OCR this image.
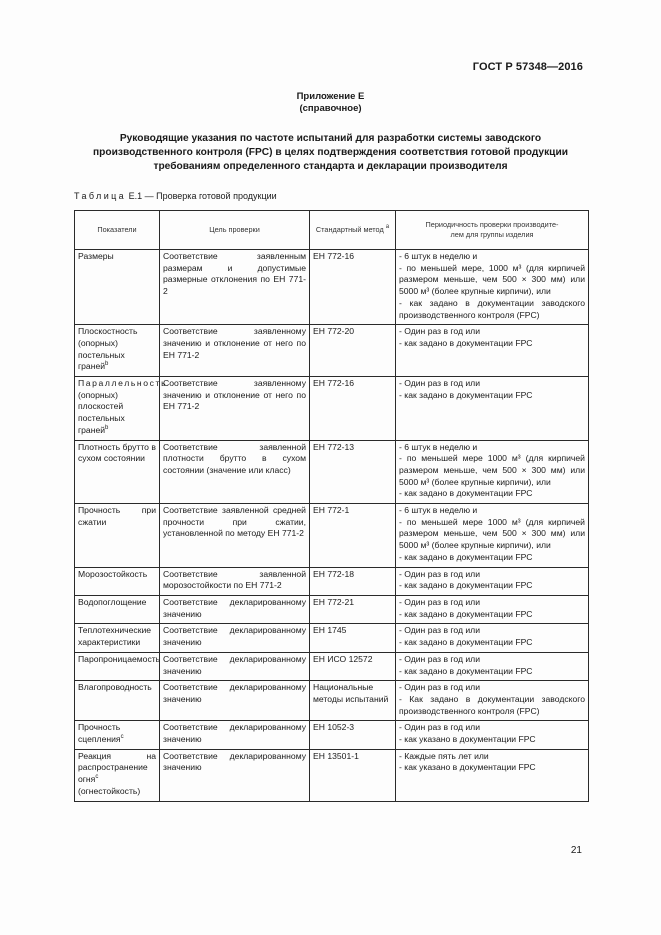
ГОСТ Р 57348—2016
Приложение Е
(справочное)
Руководящие указания по частоте испытаний для разработки системы заводского
производственного контроля (FPC) в целях подтверждения соответствия готовой продукции
требованиям определенного стандарта и декларации производителя
Таблица Е.1 — Проверка готовой продукции
Показатели	Цель проверки	Стандартный метод $^a$	Периодичность проверки производите-
лем для группы изделия

Размеры	Соответствие заявленным размерам и допустимые размерные отклонения по ЕН 771-2	ЕН 772-16	- 6 штук в неделю и
- по меньшей мере, 1000 м³ (для кирпичей размером меньше, чем 500 × 300 мм) или 5000 м³ (более крупные кирпичи), или
- как задано в документации заводского производственного контроля (FPC)

Плоскостность (опорных) постельных граней$^b$	Соответствие заявленному значению и отклонение от него по ЕН 771-2	ЕН 772-20	- Один раз в год или
- как задано в документации FPC

Параллельность (опорных) плоскостей постельных граней$^b$	Соответствие заявленному значению и отклонение от него по ЕН 771-2	ЕН 772-16	- Один раз в год или
- как задано в документации FPC

Плотность брутто в сухом состоянии	Соответствие заявленной плотности брутто в сухом состоянии (значение или класс)	ЕН 772-13	- 6 штук в неделю и
- по меньшей мере 1000 м³ (для кирпичей размером меньше, чем 500 × 300 мм) или 5000 м³ (более крупные кирпичи), или
- как задано в документации FPC

Прочность при сжатии	Соответствие заявленной средней прочности при сжатии, установленной по методу ЕН 771-2	ЕН 772-1	- 6 штук в неделю и
- по меньшей мере 1000 м³ (для кирпичей размером меньше, чем 500 × 300 мм) или 5000 м³ (более крупные кирпичи), или
- как задано в документации FPC

Морозостойкость	Соответствие заявленной морозостойкости по ЕН 771-2	ЕН 772-18	- Один раз в год или
- как задано в документации FPC

Водопоглощение	Соответствие декларированному значению	ЕН 772-21	- Один раз в год или
- как задано в документации FPC

Теплотехнические характеристики	Соответствие декларированному значению	ЕН 1745	- Один раз в год или
- как задано в документации FPC

Паропроницаемость	Соответствие декларированному значению	ЕН ИСО 12572	- Один раз в год или
- как задано в документации FPC

Влагопроводность	Соответствие декларированному значению	Национальные методы испытаний	- Один раз в год или
- Как задано в документации заводского производственного контроля (FPC)

Прочность сцепления$^c$	Соответствие декларированному значению	ЕН 1052-3	- Один раз в год или
- как указано в документации FPC

Реакция на распространение огня$^c$ (огнестойкость)	Соответствие декларированному значению	ЕН 13501-1	- Каждые пять лет или
- как указано в документации FPC
21
